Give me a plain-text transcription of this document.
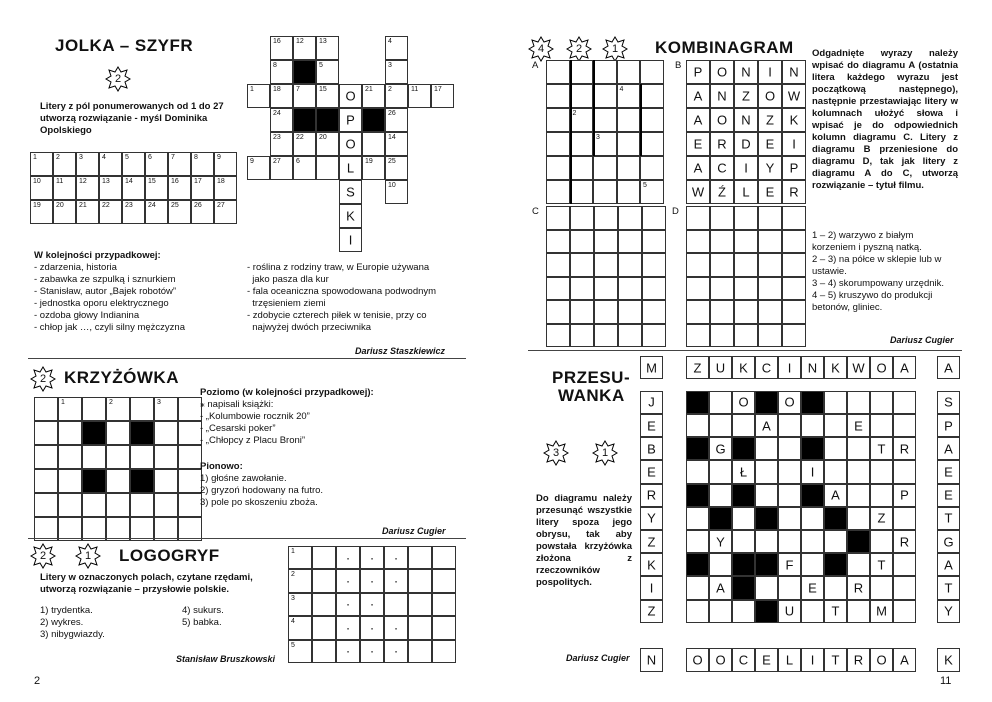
JOLKA – SZYFR
2
Litery z pól ponumerowanych od 1 do 27 utworzą rozwiązanie - myśl Dominika Opolskiego
1	2	3	4	5	6	7	8	9
10 11 12 13 14 15 16 17 18
19 20 21 22 23 24 25 26 27
W kolejności przypadkowej:
- zdarzenia, historia
- zabawka ze szpulką i sznurkiem
- Stanisław, autor „Bajek robotów”
- jednostka oporu elektrycznego
- ozdoba głowy Indianina
- chłop jak …, czyli silny mężczyzna
- roślina z rodziny traw, w Europie używana
jako pasza dla kur
- fala oceaniczna spowodowana podwodnym
trzęsieniem ziemi
- zdobycie czterech piłek w tenisie, przy co
najwyżej dwóch przeciwnika
16 12 13	4
8	5	3
1	18 7	15	21 2	11 17
24	26
23 22 20	14
9	27 6	19 25
10
O
P
O
L
S
K
I
Dariusz Staszkiewicz
2	KRZYŻÓWKA
1	2	3
Poziomo (w kolejności przypadkowej):
⁎ napisali książki:
- „Kolumbowie rocznik 20”
- „Cesarski poker”
- „Chłopcy z Placu Broni”
Pionowo:
1) głośne zawołanie.
2) gryzoń hodowany na futro.
3) pole po skoszeniu zboża.
Dariusz Cugier
2	1	LOGOGRYF
Litery w oznaczonych polach, czytane rzędami, utworzą rozwiązanie – przysłowie polskie.
1) trydentka.
2) wykres.
3) nibygwiazdy.
4) sukurs.
5) babka.
Stanisław Bruszkowski
1	·	·	·
2	·	·	·
3	·	·
4	·	·	·
5	·	·	·
2
4	2	1	KOMBINAGRAM Odgadnięte wyrazy należy wpisać do diagramu A (ostatnia litera każdego wyrazu jest początkową następnego), następnie przestawiając litery w kolumnach ułożyć słowa i wpisać je do odpowiednich kolumn diagramu C. Litery z diagramu B przeniesione do diagramu D, tak jak litery z diagramu A do C, utworzą rozwiązanie – tytuł filmu.
A	B
C	D
4
2
3
5
P	O	N	I	N
A	N	Z	O W
A	O	N	Z	K
E	R	D	E	I
A	C	I	Y	P
W	Ź	L	E	R
1 – 2) warzywo z białym korzeniem i pyszną natką.
2 – 3) na półce w sklepie lub w ustawie.
3 – 4) skorumpowany urzędnik.
4 – 5) kruszywo do produkcji betonów, gliniec.
Dariusz Cugier
PRZESU-
WANKA
3	1
Do diagramu należy przesunąć wszystkie litery spoza jego obrysu, tak aby powstała krzyżówka złożona z rzeczowników pospolitych.
Dariusz Cugier
M	Z	U	K	C	I	N	K W O	A	A
J
E
B
E
R
Y
Z
K
I
Z
S
P
A
E
E
T
G
A
T
Y
O	O
A	E
G	T	R
Ł	I
A	P
Z
Y	R
F	T
A	E	R
U	T	M
N	O O	C	E	L	I	T	R	O	A	K
11
